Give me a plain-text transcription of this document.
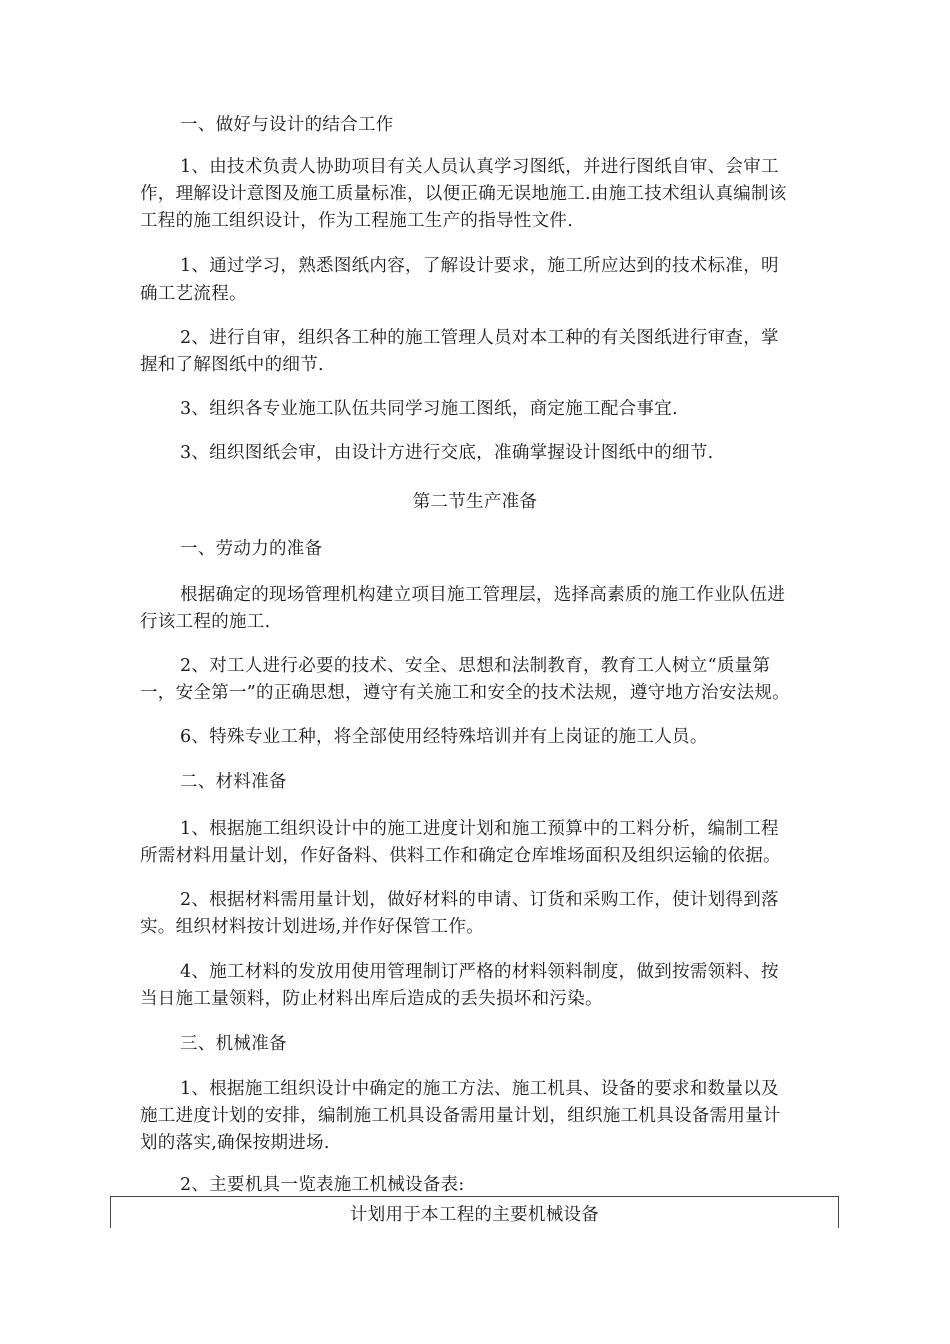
一、做好与设计的结合工作
1、由技术负责人协助项目有关人员认真学习图纸，并进行图纸自审、会审工
作，理解设计意图及施工质量标准，以便正确无误地施工.由施工技术组认真编制该
工程的施工组织设计，作为工程施工生产的指导性文件.
1、通过学习，熟悉图纸内容，了解设计要求，施工所应达到的技术标准，明
确工艺流程。
2、进行自审，组织各工种的施工管理人员对本工种的有关图纸进行审查，掌
握和了解图纸中的细节.
3、组织各专业施工队伍共同学习施工图纸，商定施工配合事宜.
3、组织图纸会审，由设计方进行交底，准确掌握设计图纸中的细节.
第二节生产准备
一、劳动力的准备
根据确定的现场管理机构建立项目施工管理层，选择高素质的施工作业队伍进
行该工程的施工.
2、对工人进行必要的技术、安全、思想和法制教育，教育工人树立“质量第
一，安全第一”的正确思想，遵守有关施工和安全的技术法规，遵守地方治安法规。
6、特殊专业工种，将全部使用经特殊培训并有上岗证的施工人员。
二、材料准备
1、根据施工组织设计中的施工进度计划和施工预算中的工料分析，编制工程
所需材料用量计划，作好备料、供料工作和确定仓库堆场面积及组织运输的依据。
2、根据材料需用量计划，做好材料的申请、订货和采购工作，使计划得到落
实。组织材料按计划进场,并作好保管工作。
4、施工材料的发放用使用管理制订严格的材料领料制度，做到按需领料、按
当日施工量领料，防止材料出库后造成的丢失损坏和污染。
三、机械准备
1、根据施工组织设计中确定的施工方法、施工机具、设备的要求和数量以及
施工进度计划的安排，编制施工机具设备需用量计划，组织施工机具设备需用量计
划的落实,确保按期进场.
2、主要机具一览表施工机械设备表:
计划用于本工程的主要机械设备
